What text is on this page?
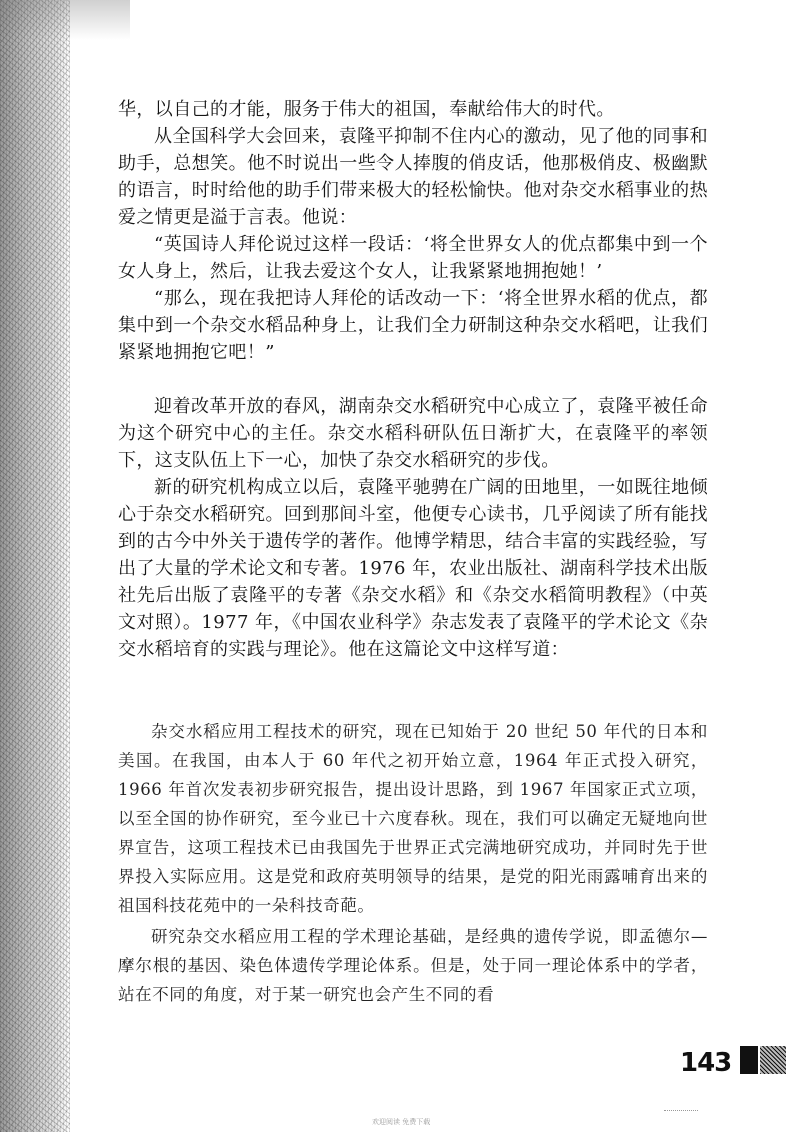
华，以自己的才能，服务于伟大的祖国，奉献给伟大的时代。

从全国科学大会回来，袁隆平抑制不住内心的激动，见了他的同事和助手，总想笑。他不时说出一些令人捧腹的俏皮话，他那极俏皮、极幽默的语言，时时给他的助手们带来极大的轻松愉快。他对杂交水稻事业的热爱之情更是溢于言表。他说：

“英国诗人拜伦说过这样一段话：‘将全世界女人的优点都集中到一个女人身上，然后，让我去爱这个女人，让我紧紧地拥抱她！’

“那么，现在我把诗人拜伦的话改动一下：‘将全世界水稻的优点，都集中到一个杂交水稻品种身上，让我们全力研制这种杂交水稻吧，让我们紧紧地拥抱它吧！”

迎着改革开放的春风，湖南杂交水稻研究中心成立了，袁隆平被任命为这个研究中心的主任。杂交水稻科研队伍日渐扩大，在袁隆平的率领下，这支队伍上下一心，加快了杂交水稻研究的步伐。

新的研究机构成立以后，袁隆平驰骋在广阔的田地里，一如既往地倾心于杂交水稻研究。回到那间斗室，他便专心读书，几乎阅读了所有能找到的古今中外关于遗传学的著作。他博学精思，结合丰富的实践经验，写出了大量的学术论文和专著。1976 年，农业出版社、湖南科学技术出版社先后出版了袁隆平的专著《杂交水稻》和《杂交水稻简明教程》（中英文对照）。1977 年，《中国农业科学》杂志发表了袁隆平的学术论文《杂交水稻培育的实践与理论》。他在这篇论文中这样写道：

杂交水稻应用工程技术的研究，现在已知始于 20 世纪 50 年代的日本和美国。在我国，由本人于 60 年代之初开始立意，1964 年正式投入研究，1966 年首次发表初步研究报告，提出设计思路，到 1967 年国家正式立项，以至全国的协作研究，至今业已十六度春秋。现在，我们可以确定无疑地向世界宣告，这项工程技术已由我国先于世界正式完满地研究成功，并同时先于世界投入实际应用。这是党和政府英明领导的结果，是党的阳光雨露哺育出来的祖国科技花苑中的一朵科技奇葩。

研究杂交水稻应用工程的学术理论基础，是经典的遗传学说，即孟德尔—摩尔根的基因、染色体遗传学理论体系。但是，处于同一理论体系中的学者，站在不同的角度，对于某一研究也会产生不同的看

143
欢迎阅读 免费下载
